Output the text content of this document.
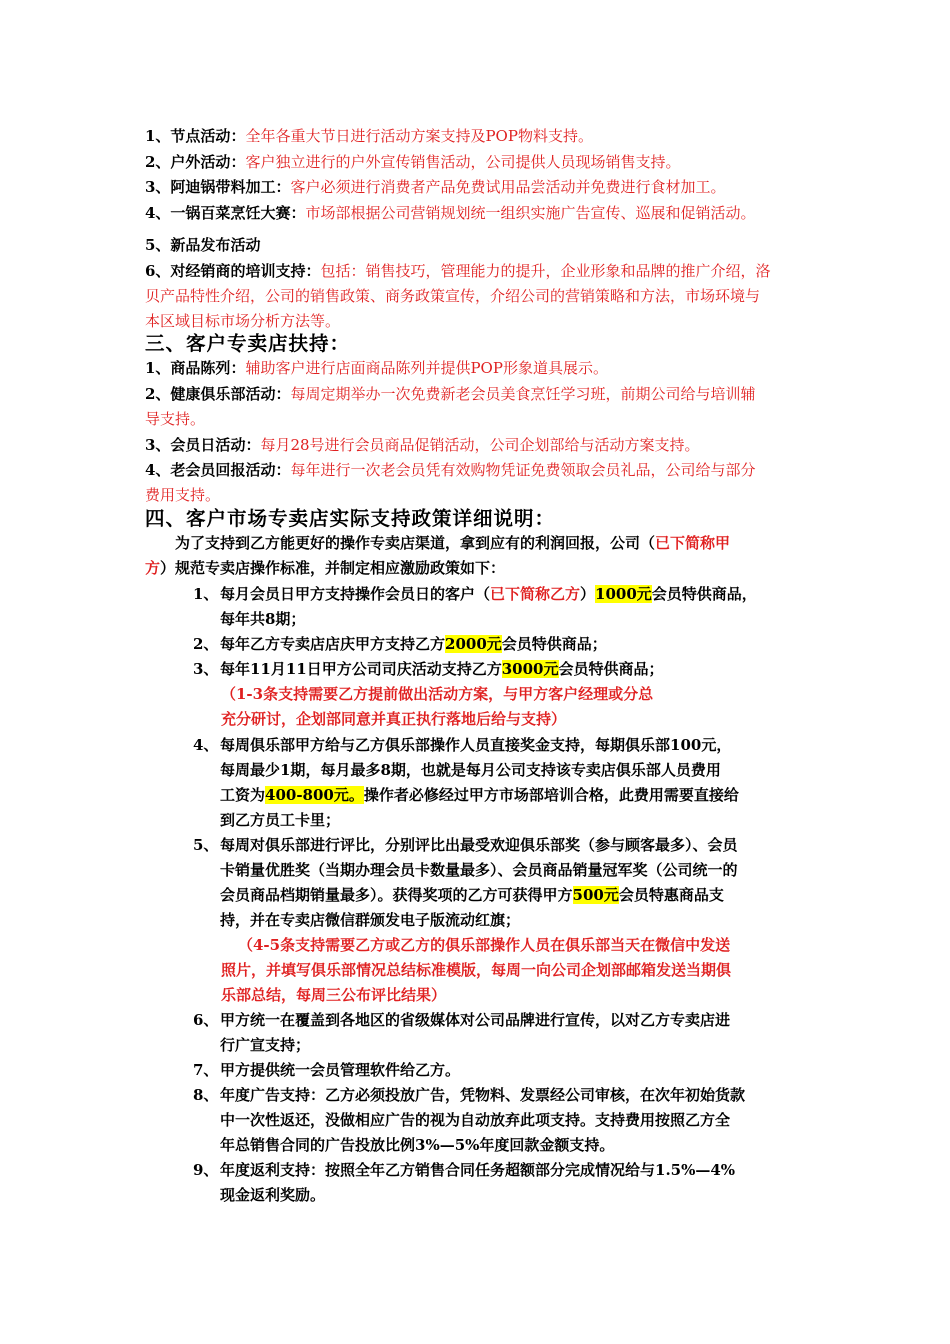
1、节点活动：全年各重大节日进行活动方案支持及POP物料支持。
2、户外活动：客户独立进行的户外宣传销售活动，公司提供人员现场销售支持。
3、阿迪锅带料加工：客户必须进行消费者产品免费试用品尝活动并免费进行食材加工。
4、一锅百菜烹饪大赛：市场部根据公司营销规划统一组织实施广告宣传、巡展和促销活动。
5、新品发布活动
6、对经销商的培训支持：包括：销售技巧，管理能力的提升，企业形象和品牌的推广介绍，洛
贝产品特性介绍，公司的销售政策、商务政策宣传，介绍公司的营销策略和方法，市场环境与
本区域目标市场分析方法等。
三、客户专卖店扶持：
1、商品陈列：辅助客户进行店面商品陈列并提供POP形象道具展示。
2、健康俱乐部活动：每周定期举办一次免费新老会员美食烹饪学习班，前期公司给与培训辅
导支持。
3、会员日活动：每月28号进行会员商品促销活动，公司企划部给与活动方案支持。
4、老会员回报活动：每年进行一次老会员凭有效购物凭证免费领取会员礼品，公司给与部分
费用支持。
四、客户市场专卖店实际支持政策详细说明：
为了支持到乙方能更好的操作专卖店渠道，拿到应有的利润回报，公司（已下简称甲
方）规范专卖店操作标准，并制定相应激励政策如下：
1、 每月会员日甲方支持操作会员日的客户（已下简称乙方）1000元会员特供商品，
每年共8期；
2、 每年乙方专卖店店庆甲方支持乙方2000元会员特供商品；
3、 每年11月11日甲方公司司庆活动支持乙方3000元会员特供商品；
（1-3条支持需要乙方提前做出活动方案，与甲方客户经理或分总
充分研讨，企划部同意并真正执行落地后给与支持）
4、 每周俱乐部甲方给与乙方俱乐部操作人员直接奖金支持，每期俱乐部100元，
每周最少1期，每月最多8期，也就是每月公司支持该专卖店俱乐部人员费用
工资为400-800元。操作者必修经过甲方市场部培训合格，此费用需要直接给
到乙方员工卡里；
5、 每周对俱乐部进行评比，分别评比出最受欢迎俱乐部奖（参与顾客最多）、会员
卡销量优胜奖（当期办理会员卡数量最多）、会员商品销量冠军奖（公司统一的
会员商品档期销量最多）。获得奖项的乙方可获得甲方500元会员特惠商品支
持，并在专卖店微信群颁发电子版流动红旗；
（4-5条支持需要乙方或乙方的俱乐部操作人员在俱乐部当天在微信中发送
照片，并填写俱乐部情况总结标准模版，每周一向公司企划部邮箱发送当期俱
乐部总结，每周三公布评比结果）
6、 甲方统一在覆盖到各地区的省级媒体对公司品牌进行宣传，以对乙方专卖店进
行广宣支持；
7、 甲方提供统一会员管理软件给乙方。
8、 年度广告支持：乙方必须投放广告，凭物料、发票经公司审核，在次年初始货款
中一次性返还，没做相应广告的视为自动放弃此项支持。支持费用按照乙方全
年总销售合同的广告投放比例3%—5%年度回款金额支持。
9、 年度返利支持：按照全年乙方销售合同任务超额部分完成情况给与1.5%—4%
现金返利奖励。
